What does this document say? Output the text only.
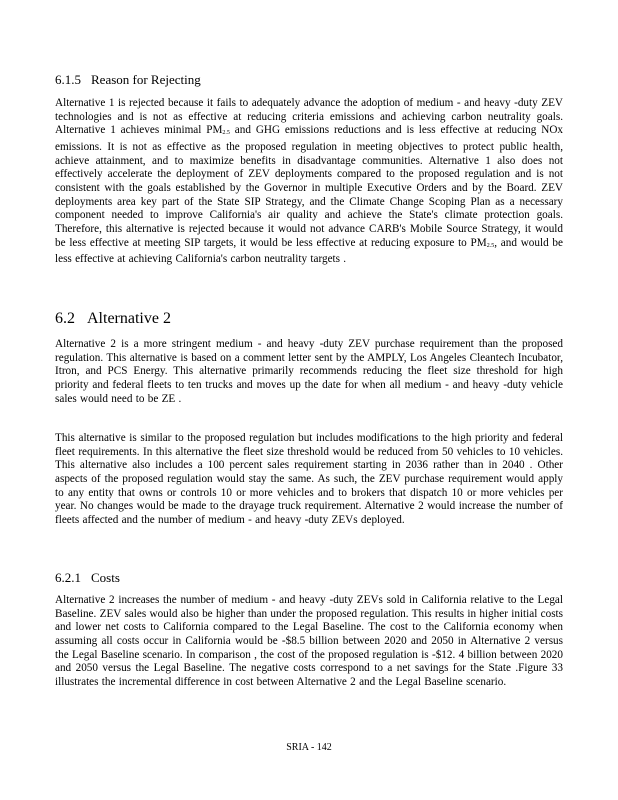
6.1.5 Reason for Rejecting

Alternative 1 is rejected because it fails to adequately advance the adoption of medium - and heavy -duty ZEV technologies and is not as effective at reducing criteria emissions and achieving carbon neutrality goals. Alternative 1 achieves minimal PM2.5 and GHG emissions reductions and is less effective at reducing NOx emissions. It is not as effective as the proposed regulation in meeting objectives to protect public health, achieve attainment, and to maximize benefits in disadvantage communities. Alternative 1 also does not effectively accelerate the deployment of ZEV deployments compared to the proposed regulation and is not consistent with the goals established by the Governor in multiple Executive Orders and by the Board. ZEV deployments area key part of the State SIP Strategy, and the Climate Change Scoping Plan as a necessary component needed to improve California's air quality and achieve the State's climate protection goals. Therefore, this alternative is rejected because it would not advance CARB's Mobile Source Strategy, it would be less effective at meeting SIP targets, it would be less effective at reducing exposure to PM2.5, and would be less effective at achieving California's carbon neutrality targets .

6.2 Alternative 2

Alternative 2 is a more stringent medium - and heavy -duty ZEV purchase requirement than the proposed regulation. This alternative is based on a comment letter sent by the AMPLY, Los Angeles Cleantech Incubator, Itron, and PCS Energy. This alternative primarily recommends reducing the fleet size threshold for high priority and federal fleets to ten trucks and moves up the date for when all medium - and heavy -duty vehicle sales would need to be ZE .

This alternative is similar to the proposed regulation but includes modifications to the high priority and federal fleet requirements. In this alternative the fleet size threshold would be reduced from 50 vehicles to 10 vehicles. This alternative also includes a 100 percent sales requirement starting in 2036 rather than in 2040 . Other aspects of the proposed regulation would stay the same. As such, the ZEV purchase requirement would apply to any entity that owns or controls 10 or more vehicles and to brokers that dispatch 10 or more vehicles per year. No changes would be made to the drayage truck requirement. Alternative 2 would increase the number of fleets affected and the number of medium - and heavy -duty ZEVs deployed.

6.2.1 Costs

Alternative 2 increases the number of medium - and heavy -duty ZEVs sold in California relative to the Legal Baseline. ZEV sales would also be higher than under the proposed regulation. This results in higher initial costs and lower net costs to California compared to the Legal Baseline. The cost to the California economy when assuming all costs occur in California would be -$8.5 billion between 2020 and 2050 in Alternative 2 versus the Legal Baseline scenario. In comparison , the cost of the proposed regulation is -$12. 4 billion between 2020 and 2050 versus the Legal Baseline. The negative costs correspond to a net savings for the State .Figure 33 illustrates the incremental difference in cost between Alternative 2 and the Legal Baseline scenario.

SRIA - 142
